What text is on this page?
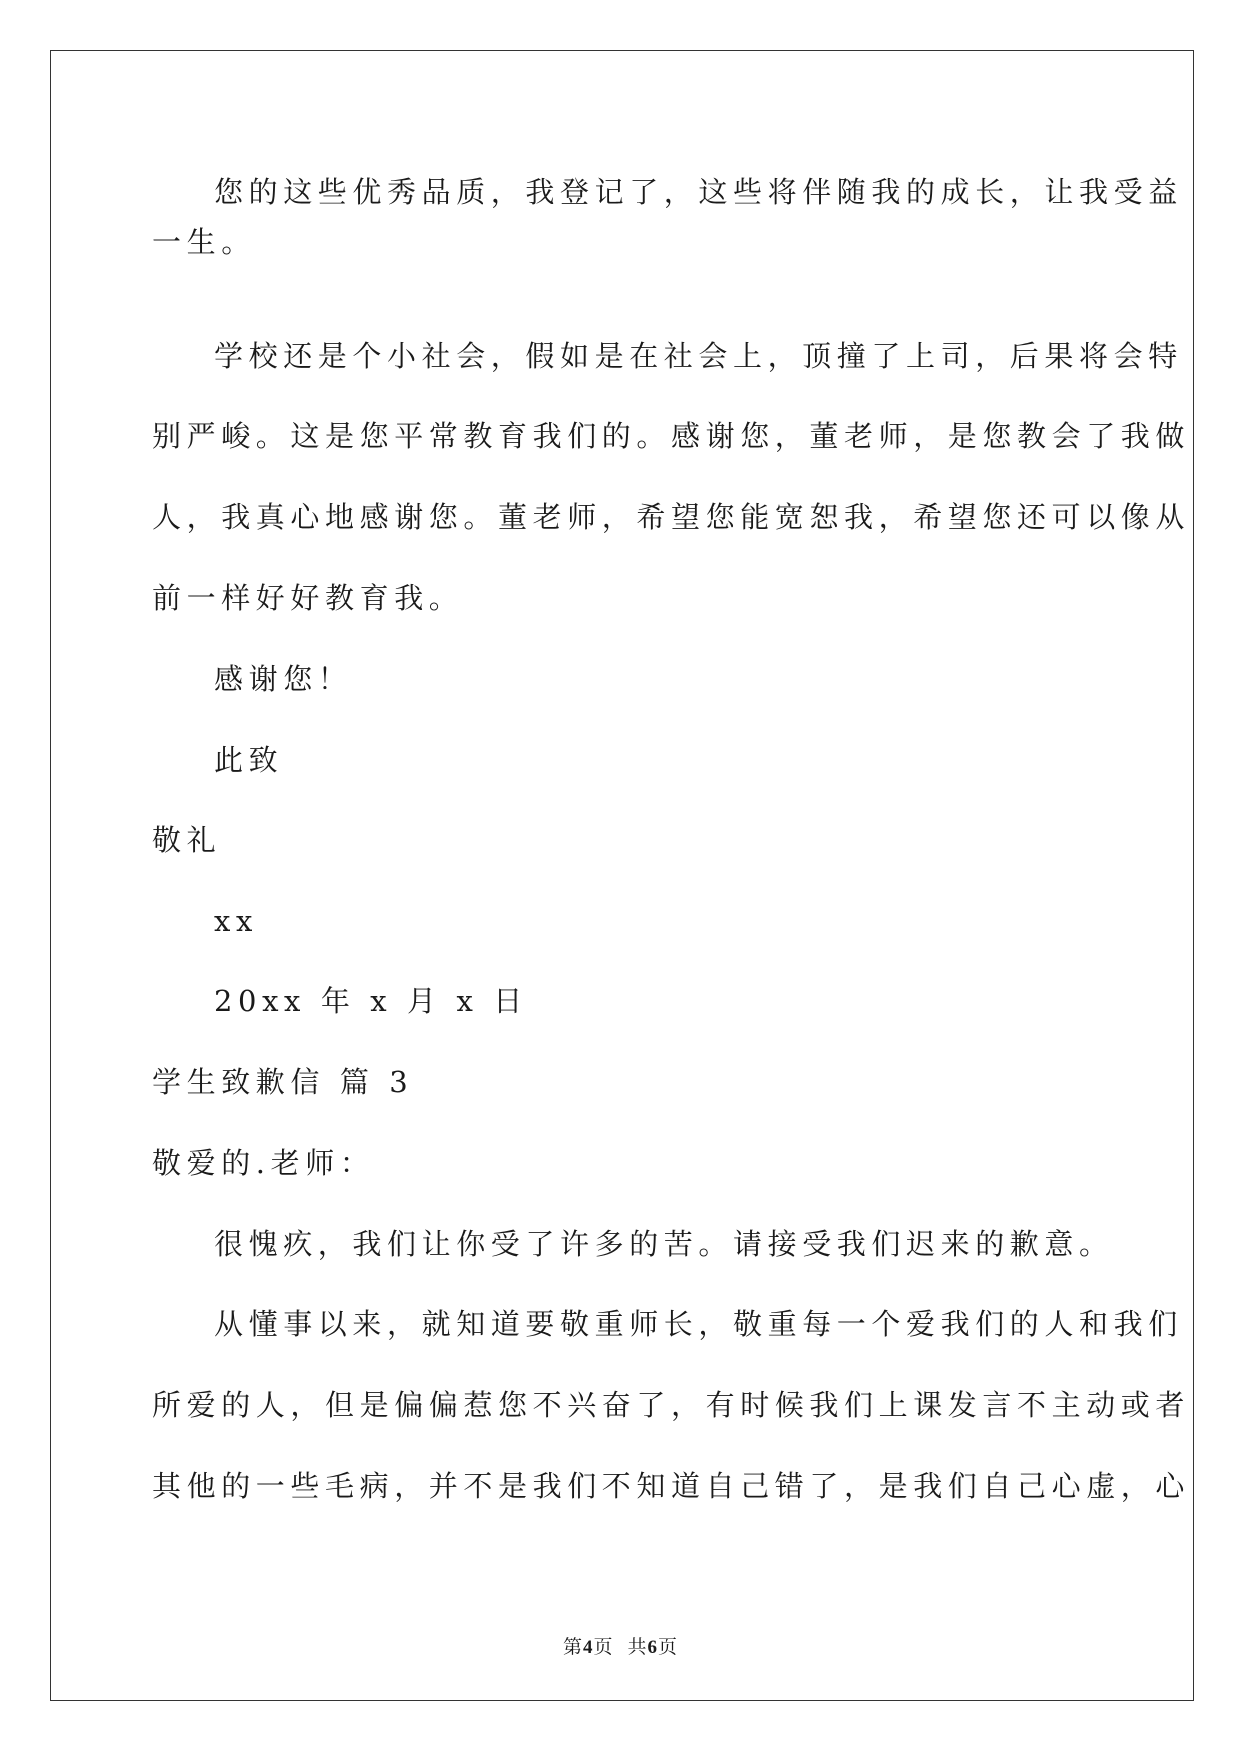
您的这些优秀品质，我登记了，这些将伴随我的成长，让我受益
一生。
学校还是个小社会，假如是在社会上，顶撞了上司，后果将会特
别严峻。这是您平常教育我们的。感谢您，董老师，是您教会了我做
人，我真心地感谢您。董老师，希望您能宽恕我，希望您还可以像从
前一样好好教育我。
感谢您！
此致
敬礼
xx
20xx 年 x 月 x 日
学生致歉信 篇 3
敬爱的.老师：
很愧疚，我们让你受了许多的苦。请接受我们迟来的歉意。
从懂事以来，就知道要敬重师长，敬重每一个爱我们的人和我们
所爱的人，但是偏偏惹您不兴奋了，有时候我们上课发言不主动或者
其他的一些毛病，并不是我们不知道自己错了，是我们自己心虚，心
第4页 共6页
